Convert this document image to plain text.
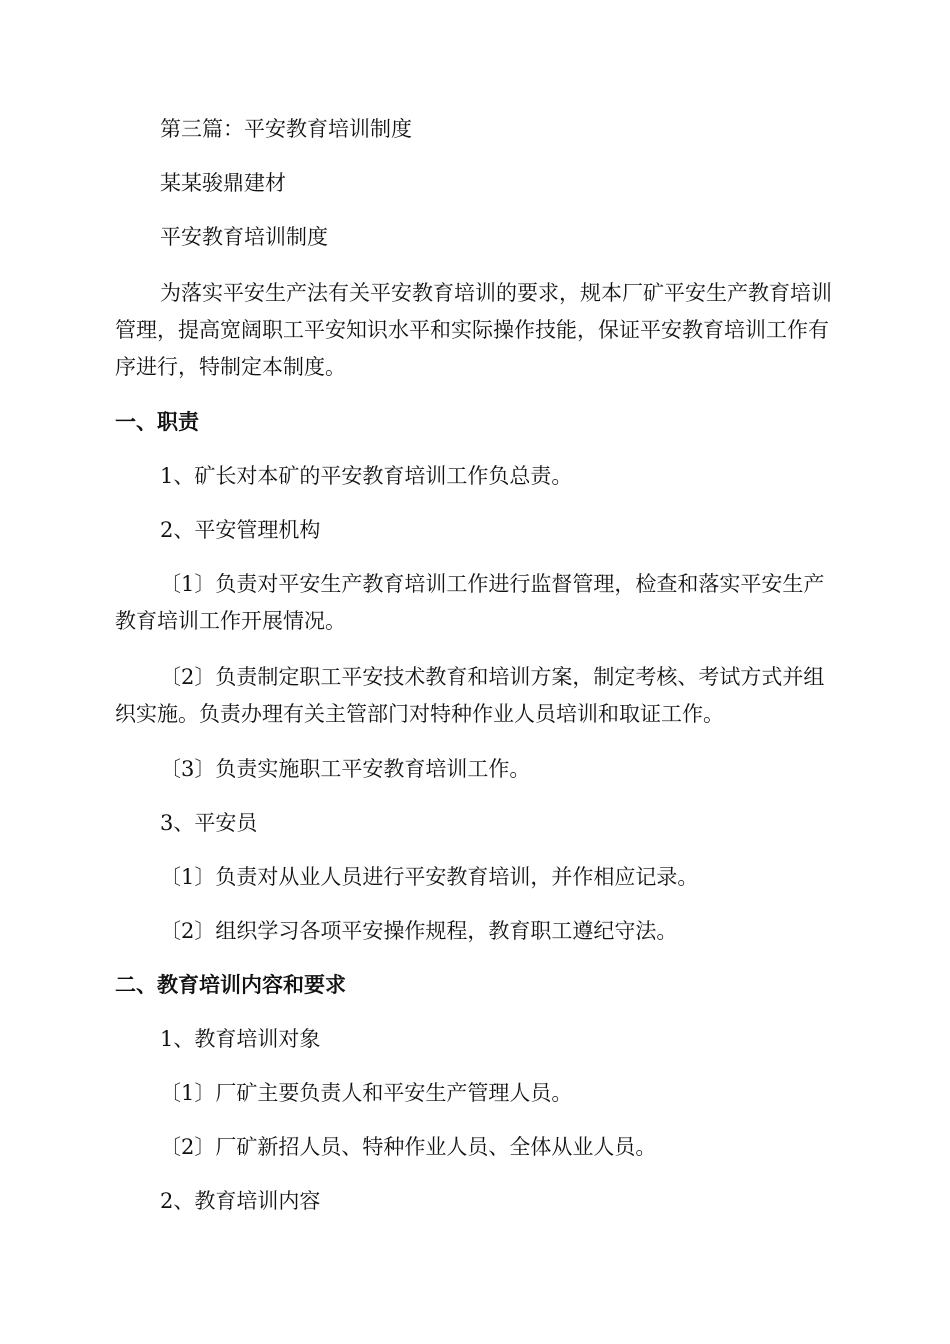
第三篇：平安教育培训制度
某某骏鼎建材
平安教育培训制度
为落实平安生产法有关平安教育培训的要求，规本厂矿平安生产教育培训管理，提高宽阔职工平安知识水平和实际操作技能，保证平安教育培训工作有序进行，特制定本制度。
一、职责
1、矿长对本矿的平安教育培训工作负总责。
2、平安管理机构
〔1〕负责对平安生产教育培训工作进行监督管理，检查和落实平安生产教育培训工作开展情况。
〔2〕负责制定职工平安技术教育和培训方案，制定考核、考试方式并组织实施。负责办理有关主管部门对特种作业人员培训和取证工作。
〔3〕负责实施职工平安教育培训工作。
3、平安员
〔1〕负责对从业人员进行平安教育培训，并作相应记录。
〔2〕组织学习各项平安操作规程，教育职工遵纪守法。
二、教育培训内容和要求
1、教育培训对象
〔1〕厂矿主要负责人和平安生产管理人员。
〔2〕厂矿新招人员、特种作业人员、全体从业人员。
2、教育培训内容
